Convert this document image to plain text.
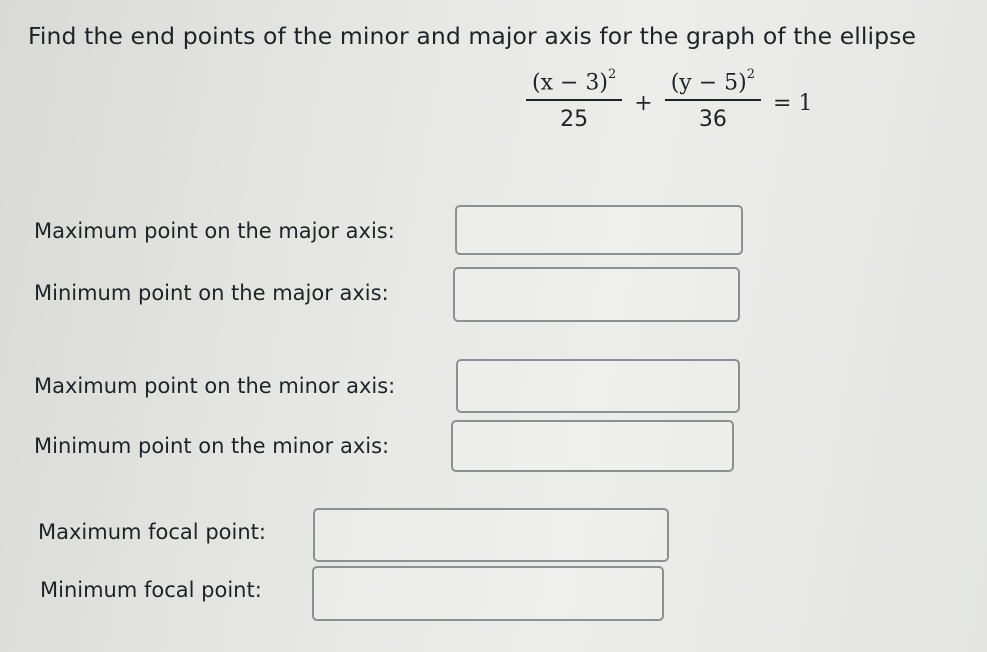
Find the end points of the minor and major axis for the graph of the ellipse
$\frac{(x - 3)^2}{25} + \frac{(y - 5)^2}{36} = 1$
Maximum point on the major axis:
Minimum point on the major axis:
Maximum point on the minor axis:
Minimum point on the minor axis:
Maximum focal point:
Minimum focal point:
